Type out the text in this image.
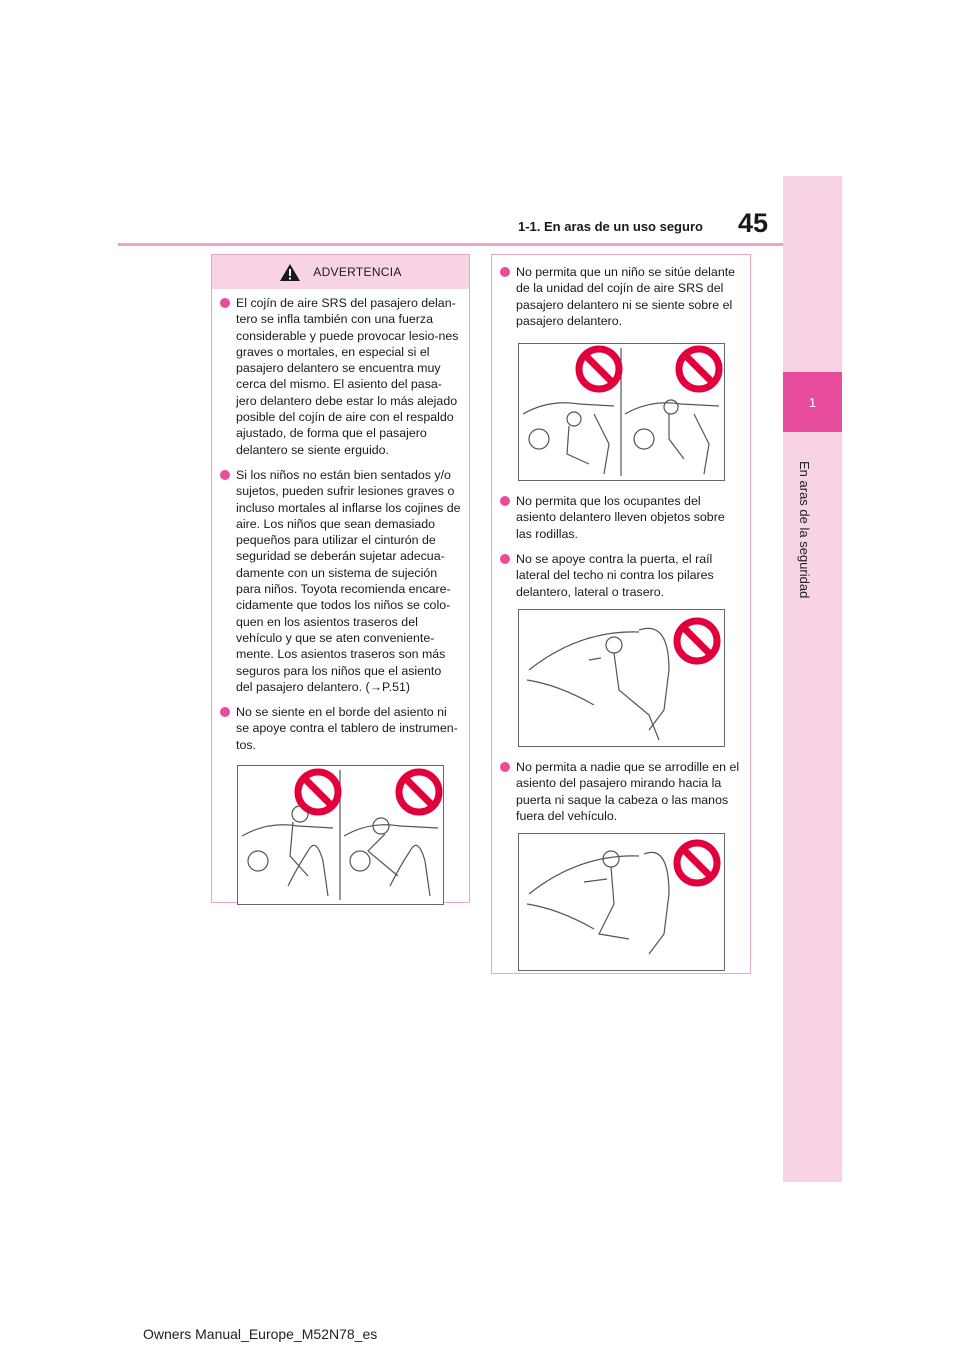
45
1-1. En aras de un uso seguro
1
En aras de la seguridad
ADVERTENCIA
El cojín de aire SRS del pasajero delan-tero se infla también con una fuerza considerable y puede provocar lesio-nes graves o mortales, en especial si el pasajero delantero se encuentra muy cerca del mismo. El asiento del pasa-jero delantero debe estar lo más alejado posible del cojín de aire con el respaldo ajustado, de forma que el pasajero delantero se siente erguido.
Si los niños no están bien sentados y/o sujetos, pueden sufrir lesiones graves o incluso mortales al inflarse los cojines de aire. Los niños que sean demasiado pequeños para utilizar el cinturón de seguridad se deberán sujetar adecua-damente con un sistema de sujeción para niños. Toyota recomienda encare-cidamente que todos los niños se colo-quen en los asientos traseros del vehículo y que se aten conveniente-mente. Los asientos traseros son más seguros para los niños que el asiento del pasajero delantero. (→P.51)
No se siente en el borde del asiento ni se apoye contra el tablero de instrumen-tos.
No permita que un niño se sitúe delante de la unidad del cojín de aire SRS del pasajero delantero ni se siente sobre el pasajero delantero.
No permita que los ocupantes del asiento delantero lleven objetos sobre las rodillas.
No se apoye contra la puerta, el raíl lateral del techo ni contra los pilares delantero, lateral o trasero.
No permita a nadie que se arrodille en el asiento del pasajero mirando hacia la puerta ni saque la cabeza o las manos fuera del vehículo.
Owners Manual_Europe_M52N78_es
